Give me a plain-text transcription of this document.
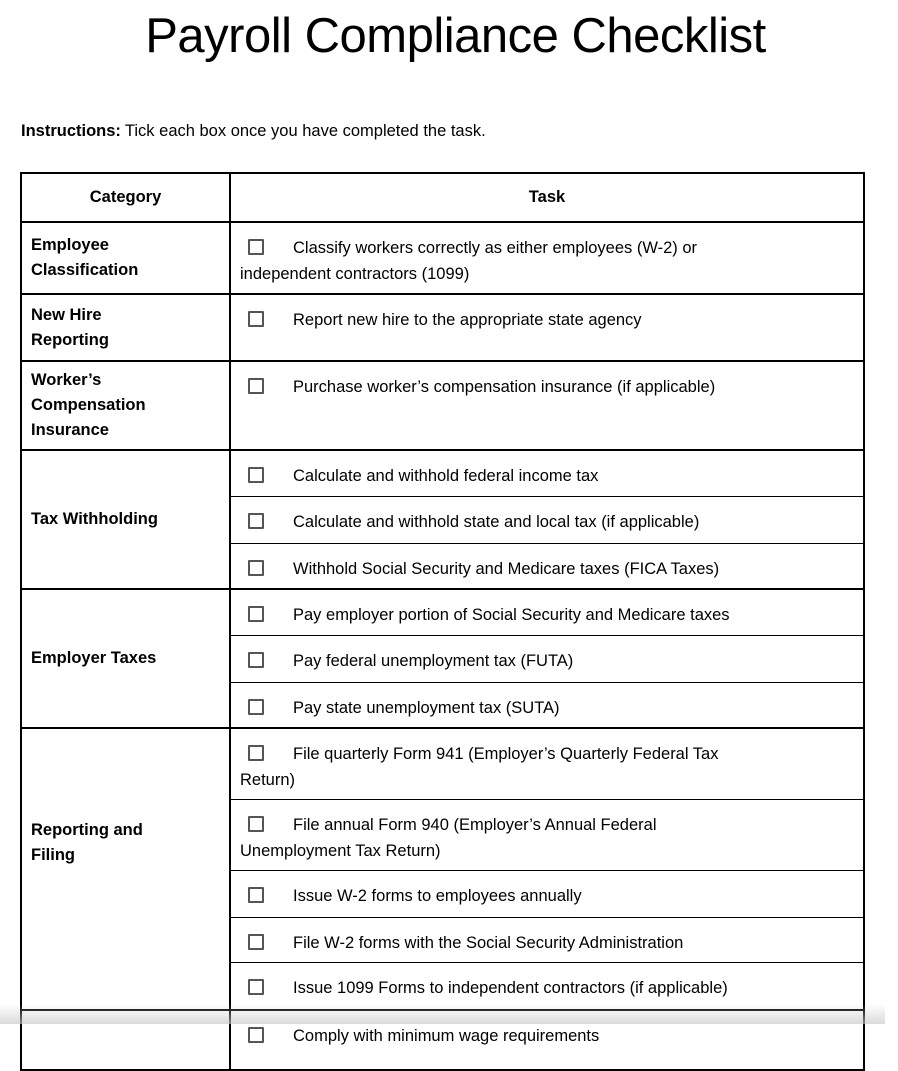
Payroll Compliance Checklist

Instructions: Tick each box once you have completed the task.

Category	Task

Employee
Classification	Classify workers correctly as either employees (W-2) or
independent contractors (1099)

New Hire
Reporting	Report new hire to the appropriate state agency

Worker’s
Compensation
Insurance	Purchase worker’s compensation insurance (if applicable)

Tax Withholding	Calculate and withhold federal income tax

	Calculate and withhold state and local tax (if applicable)

	Withhold Social Security and Medicare taxes (FICA Taxes)

Employer Taxes	Pay employer portion of Social Security and Medicare taxes

	Pay federal unemployment tax (FUTA)

	Pay state unemployment tax (SUTA)

Reporting and
Filing	File quarterly Form 941 (Employer’s Quarterly Federal Tax
Return)

	File annual Form 940 (Employer’s Annual Federal
Unemployment Tax Return)

	Issue W-2 forms to employees annually

	File W-2 forms with the Social Security Administration

	Issue 1099 Forms to independent contractors (if applicable)

	Comply with minimum wage requirements
